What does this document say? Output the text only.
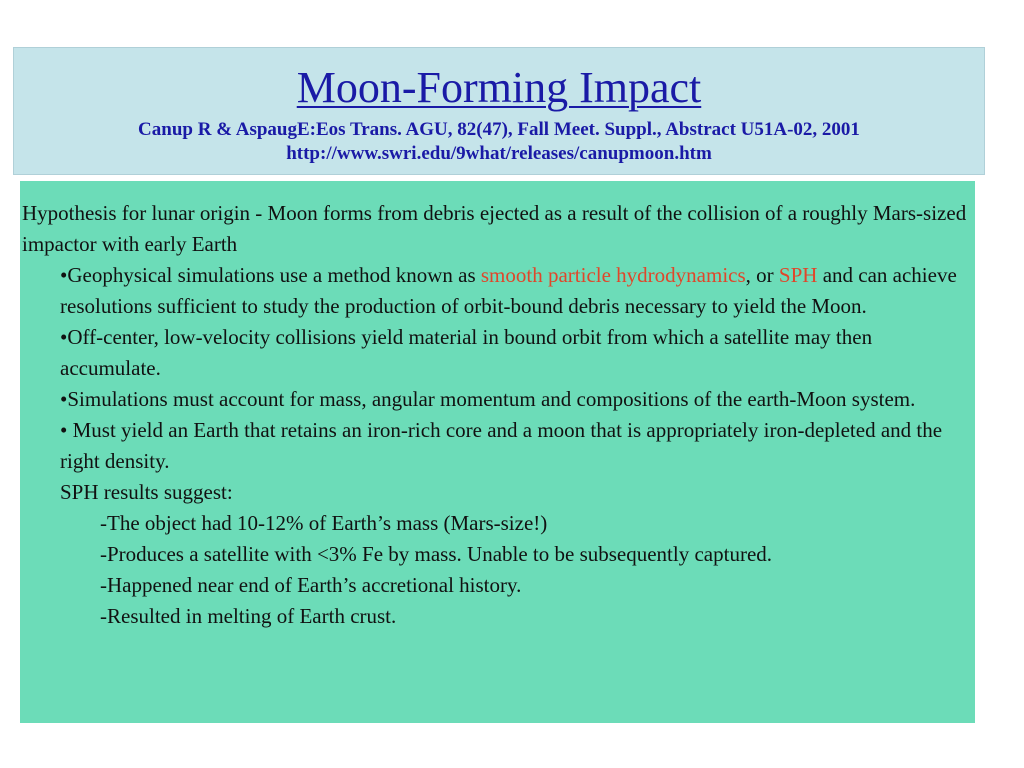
Moon-Forming Impact
Canup R & AspaugE:Eos Trans. AGU, 82(47), Fall Meet. Suppl., Abstract U51A-02, 2001
http://www.swri.edu/9what/releases/canupmoon.htm

Hypothesis for lunar origin - Moon forms from debris ejected as a result of the collision of a roughly Mars-sized impactor with early Earth

•Geophysical simulations use a method known as smooth particle hydrodynamics, or SPH and can achieve resolutions sufficient to study the production of orbit-bound debris necessary to yield the Moon.

•Off-center, low-velocity collisions yield material in bound orbit from which a satellite may then accumulate.

•Simulations must account for mass, angular momentum and compositions of the earth-Moon system.

• Must yield an Earth that retains an iron-rich core and a moon that is appropriately iron-depleted and the right density.

SPH results suggest:

-The object had 10-12% of Earth’s mass (Mars-size!)

-Produces a satellite with <3% Fe by mass. Unable to be subsequently captured.

-Happened near end of Earth’s accretional history.

-Resulted in melting of Earth crust.
